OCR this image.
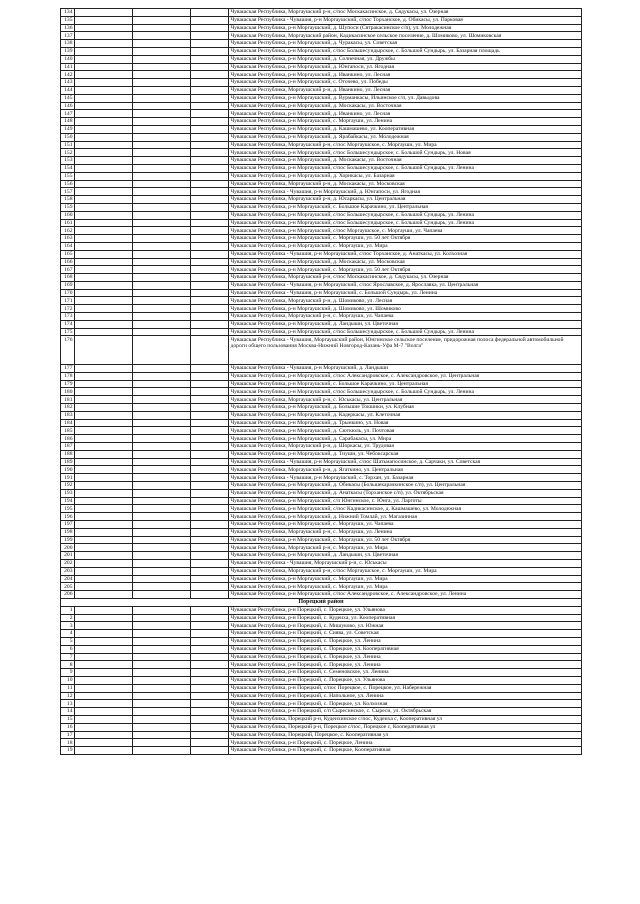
134				Чувашская Республика, Моргаушский р-н, с/пос Москакасинское, д. Сядукасы, ул. Озерная
135				Чувашская Республика - Чувашия, р-н Моргаушский, с/пос Торханское, д. Обикасы, ул. Парковая
136				Чувашская Республика, р-н Моргаушский, д. Шупоси (Сятракасинское с/п), ул. Молодежная
137				Чувашская Республика, Моргаушский район, Кадикасинское сельское поселение, д. Шомиково, ул. Шомиковская
138				Чувашская Республика, р-н Моргаушский, д. Чуракасы, ул. Советская
139				Чувашская Республика, р-н Моргаушский, с/пос Большесундырское, с. Большой Сундырь, ул. Базарная площадь
140				Чувашская Республика, р-н Моргаушский, д. Солнечная, ул. Дружбы
141				Чувашская Республика, р-н Моргаушский, д. Юнгапоси, ул. Ягодная
142				Чувашская Республика, р-н Моргаушский, д. Иванкино, ул. Лесная
143				Чувашская Республика, р-н Моргаушский, с. Оточево, ул. Победы
144				Чувашская Республика, Моргаушский р-н, д. Иванкино, ул. Лесная
145				Чувашская Республика, р-н Моргаушский, д. Вурманкасы, Ильинское с/п, ул. Давыдова
146				Чувашская Республика, р-н Моргаушский, д. Москакасы, ул. Восточная
147				Чувашская Республика, р-н Моргаушский, д. Иванкино, ул. Лесная
148				Чувашская Республика, р-н Моргаушский, с. Моргауши, ул. Ленина
149				Чувашская Республика, р-н Моргаушский, д. Кашмашево, ул. Кооперативная
150				Чувашская Республика, р-н Моргаушский, д. Ярабайкасы, ул. Молодежная
151				Чувашская Республика, Моргаушский р-н, с/пос Моргаушское, с. Моргауши, ул. Мира
152				Чувашская Республика, р-н Моргаушский, с/пос Большесундырское, с. Большой Сундырь, ул. Новая
153				Чувашская Республика, р-н Моргаушский, д. Москакасы, ул. Восточная
154				Чувашская Республика, р-н Моргаушский, с/пос Большесундырское, с. Большой Сундырь, ул. Ленина
155				Чувашская Республика, р-н Моргаушский, д. Хорнкасы, ул. Базарная
156				Чувашская Республика, Моргаушский р-н, д. Москакасы, ул. Московская
157				Чувашская Республика - Чувашия, р-н Моргаушский, д. Юнгапоси, ул. Ягодная
158				Чувашская Республика, Моргаушский р-н, д. Юсаркасы, ул. Центральная
159				Чувашская Республика, р-н Моргаушский, с. Большое Карачкино, ул. Центральная
160				Чувашская Республика, р-н Моргаушский, с/пос Большесундырское, с. Большой Сундырь, ул. Ленина
161				Чувашская Республика, р-н Моргаушский, с/пос Большесундырское, с. Большой Сундырь, ул. Ленина
162				Чувашская Республика, р-н Моргаушский, с/пос Моргаушское, с. Моргауши, ул. Чапаева
163				Чувашская Республика, р-н Моргаушский, с. Моргауши, ул. 50 лет Октября
164				Чувашская Республика, р-н Моргаушский, с. Моргауши, ул. Мира
165				Чувашская Республика - Чувашия, р-н Моргаушский, с/пос Торханское, д. Анаткасы, ул. Колхозная
166				Чувашская Республика, р-н Моргаушский, д. Москакасы, ул. Московская
167				Чувашская Республика, р-н Моргаушский, с. Моргауши, ул. 50 лет Октября
168				Чувашская Республика, Моргаушский р-н, с/пос Москакасинское, д. Сядукасы, ул. Озерная
169				Чувашская Республика - Чувашия, р-н Моргаушский, с/пос Ярославское, д. Ярославка, ул. Центральная
170				Чувашская Республика - Чувашия, р-н Моргаушский, с. Большой Сундырь, ул. Ленина
171				Чувашская Республика, Моргаушский р-н, д. Шомиково, ул. Лесная
172				Чувашская Республика, р-н Моргаушский, д. Шомиково, ул. Шомиково
173				Чувашская Республика, Моргаушский р-н, с. Моргауши, ул. Чапаева
174				Чувашская Республика, р-н Моргаушский, д. Ландыши, ул. Цветочная
175				Чувашская Республика, р-н Моргаушский, с/пос Большесундырское, с. Большой Сундырь, ул. Ленина
176				Чувашская Республика - Чувашия, Моргаушский район, Юнгинское сельское поселение, придорожная полоса федеральной автомобильной дороги общего пользования Москва-Нижний Новгород-Казань-Уфа М-7 "Волга"
177				Чувашская Республика - Чувашия, р-н Моргаушский, д. Ландыши
178				Чувашская Республика, р-н Моргаушский, с/пос Александровское, с. Александровское, ул. Центральная
179				Чувашская Республика, р-н Моргаушский, с. Большое Карачкино, ул. Центральная
180				Чувашская Республика, р-н Моргаушский, с/пос Большесундырское, с. Большой Сундырь, ул. Ленина
181				Чувашская Республика, Моргаушский р-н, с. Юськасы, ул. Центральная
182				Чувашская Республика, р-н Моргаушский, д. Большие Токшики, ул. Клубная
183				Чувашская Республика, р-н Моргаушский, д. Кадеркасы, ул. Клеточная
184				Чувашская Республика, р-н Моргаушский, д. Трынкино, ул. Новая
185				Чувашская Республика, р-н Моргаушский, д. Сюткюль, ул. Почтовая
186				Чувашская Республика, р-н Моргаушский, д. Сарабакасы, ул. Мира
187				Чувашская Республика, Моргаушский р-н, д. Шоркасы, ул. Трудовая
188				Чувашская Республика, р-н Моргаушский, д. Тиуши, ул. Чебоксарская
189				Чувашская Республика - Чувашия, р-н Моргаушский, с/пос Шатьмапосинское, д. Сарчаки, ул. Советская
190				Чувашская Республика, Моргаушский р-н, д. Ягаткино, ул. Центральная
191				Чувашская Республика - Чувашия, р-н Моргаушский, с. Торхан, ул. Базарная
192				Чувашская Республика, р-н Моргаушский, д. Обикасы (Большекарачкинское с/п), ул. Центральная
193				Чувашская Республика, р-н Моргаушский, д. Анаткасы (Торханское с/п), ул. Октябрьская
194				Чувашская Республика, р-н Моргаушский, с/п Юнгинское, с. Юнга, ул. Ларготы
195				Чувашская Республика, р-н Моргаушский, с/пос Кадикасинское, д. Кашмашево, ул. Молодежная
196				Чувашская Республика, р-н Моргаушский, д. Нижний Томлай, ул. Магазинная
197				Чувашская Республика, р-н Моргаушский, с. Моргауши, ул. Чапаева
198				Чувашская Республика, Моргаушский р-н, с. Моргауши, ул. Ленина
199				Чувашская Республика, р-н Моргаушский, с. Моргауши, ул. 50 лет Октября
200				Чувашская Республика, Моргаушский р-н, с. Моргауши, ул. Мира
201				Чувашская Республика, р-н Моргаушский, д. Ландыши, ул. Цветочная
202				Чувашская Республика - Чувашия, Моргаушский р-н, с. Юськасы
203				Чувашская Республика, Моргаушский р-н, с/пос Моргаушское, с. Моргауши, ул. Мира
204				Чувашская Республика, р-н Моргаушский, с. Моргауши, ул. Мира
205				Чувашская Республика, р-н Моргаушский, с. Моргауши, ул. Мира
206				Чувашская Республика, р-н Моргаушский, с/пос Александровское, с. Александровское, ул. Ленина
Порецкий район				
1				Чувашская Республика, р-н Порецкий, с. Порецкое, ул. Ульянова
2				Чувашская Республика, р-н Порецкий, с. Кудеиха, ул. Кооперативная
3				Чувашская Республика, р-н Порецкий, с. Мишуково, ул. Южная
4				Чувашская Республика, р-н Порецкий, с. Сиява, ул. Советская
5				Чувашская Республика, р-н Порецкий, с. Порецкое, ул. Ленина
6				Чувашская Республика, р-н Порецкий, с. Порецкое, ул. Кооперативная
7				Чувашская Республика, р-н Порецкий, с. Порецкое, ул. Ленина
8				Чувашская Республика, р-н Порецкий, с. Порецкое, ул. Ленина
9				Чувашская Республика, р-н Порецкий, с. Семеновское, ул. Ленина
10				Чувашская Республика, р-н Порецкий, с. Порецкое, ул. Ульянова
11				Чувашская Республика, р-н Порецкий, с/пос Порецкое, с. Порецкое, ул. Набережная
12				Чувашская Республика, р-н Порецкий, с. Напольное, ул. Ленина
13				Чувашская Республика, р-н Порецкий, с. Порецкое, ул. Колхозная
14				Чувашская Республика, р-н Порецкий, с/п Сыресинское, с. Сыреси, ул. Октябрьская
15				Чувашская Республика, Порецкий р-н, Кудеихинское с/пос, Кудеиха с, Кооперативная ул
16				Чувашская Республика, Порецкий р-н, Порецкое с/пос, Порецкое с, Кооперативная ул
17				Чувашская Республика, Порецкий, Порецкое, с. Кооперативная ул
18				Чувашская Республика, р-н Порецкий, с. Порецкое, Ленина
19				Чувашская Республика, р-н Порецкий, с. Порецкое, Кооперативная
